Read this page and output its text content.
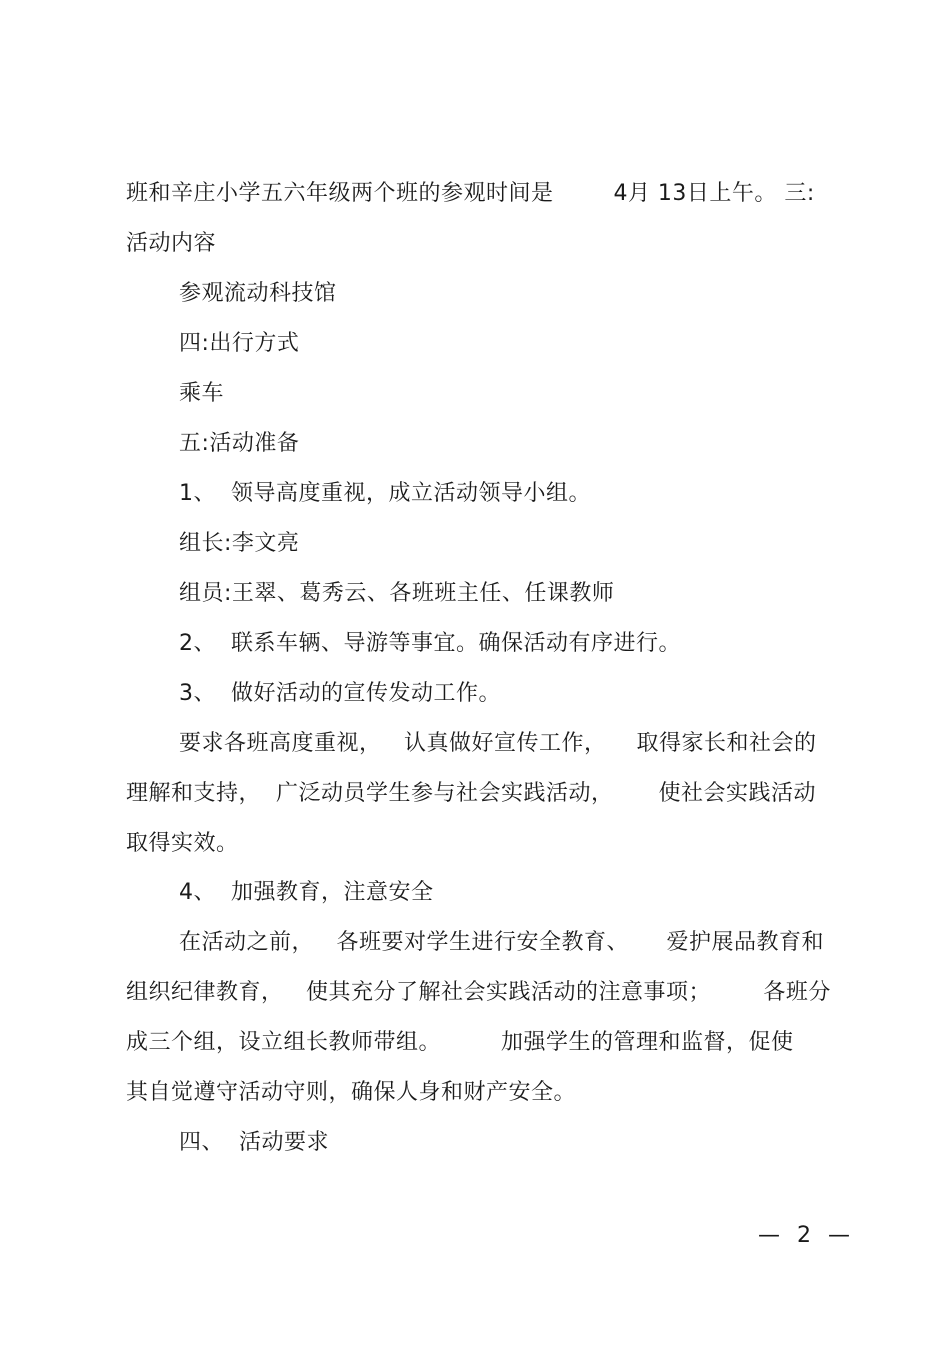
班和辛庄小学五六年级两个班的参观时间是        4月 13日上午。 三:
活动内容
参观流动科技馆
四:出行方式
乘车
五:活动准备
1、  领导高度重视，成立活动领导小组。
组长:李文亮
组员:王翠、葛秀云、各班班主任、任课教师
2、  联系车辆、导游等事宜。确保活动有序进行。
3、  做好活动的宣传发动工作。
要求各班高度重视，   认真做好宣传工作，    取得家长和社会的
理解和支持，  广泛动员学生参与社会实践活动，      使社会实践活动
取得实效。
4、  加强教育，注意安全
在活动之前，   各班要对学生进行安全教育、     爱护展品教育和
组织纪律教育，   使其充分了解社会实践活动的注意事项；       各班分
成三个组，设立组长教师带组。        加强学生的管理和监督，促使
其自觉遵守活动守则，确保人身和财产安全。
四、  活动要求
—  2  —
